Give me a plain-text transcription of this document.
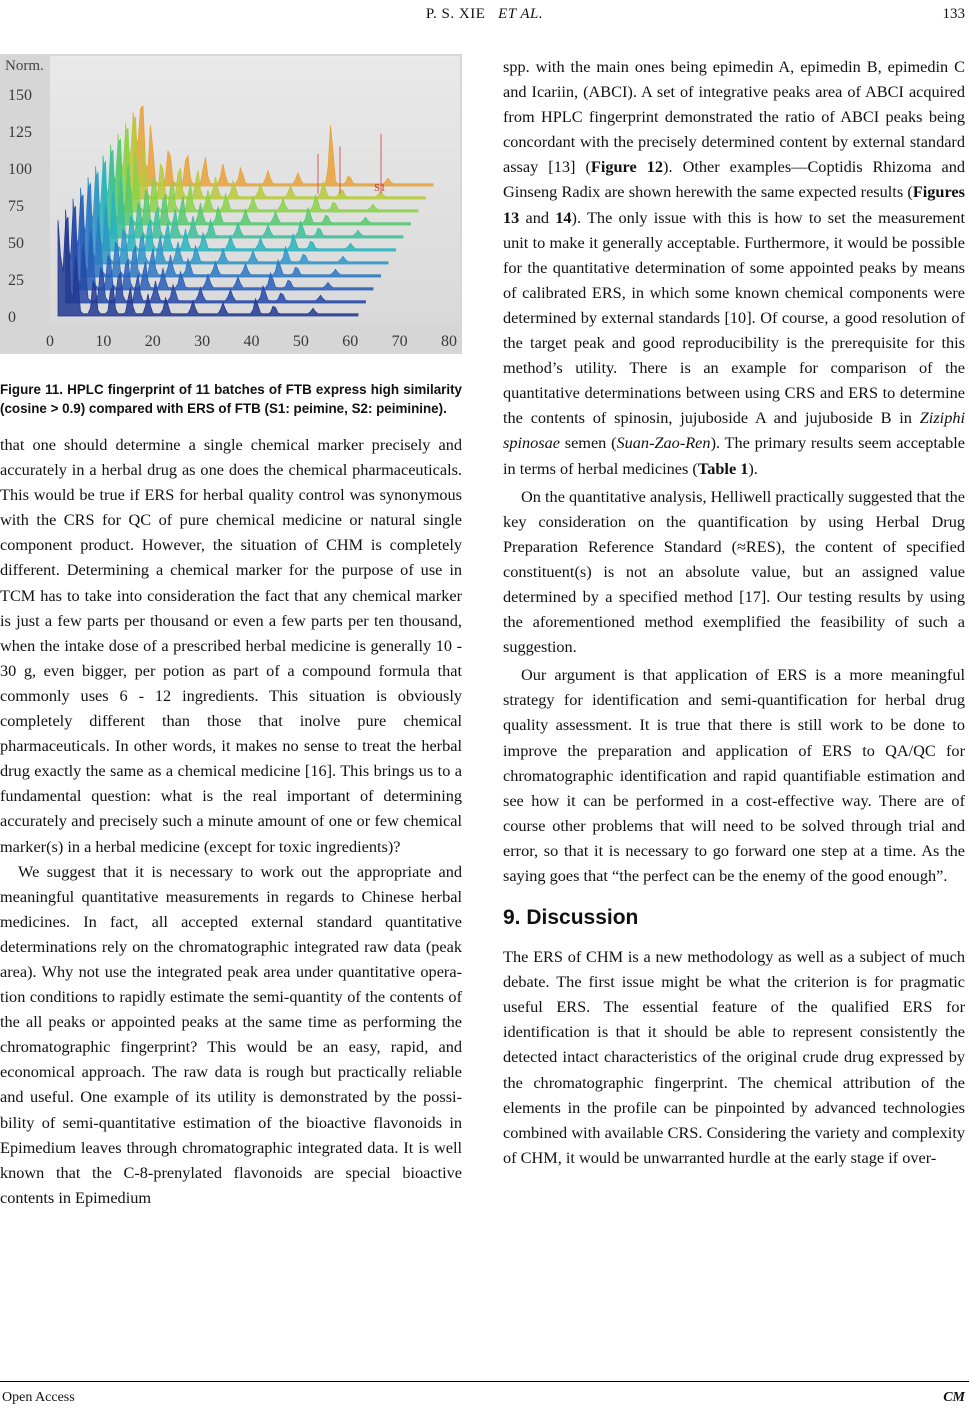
P. S. XIE ET AL.	133
150
125
100
75
50
25
0
0	10 20 30 40 50 60 70 80
Norm.
S1
Figure 11. HPLC fingerprint of 11 batches of FTB express high similarity (cosine > 0.9) compared with ERS of FTB (S1: peimine, S2: peiminine).

that one should determine a single chemical marker precisely and accurately in a herbal drug as one does the chemical pharmaceuticals. This would be true if ERS for herbal quality control was synonymous with the CRS for QC of pure chemical medicine or natural single component product. However, the situation of CHM is completely different. Determining a chemical marker for the purpose of use in TCM has to take into consideration the fact that any chemical marker is just a few parts per thousand or even a few parts per ten thousand, when the intake dose of a prescribed herbal medicine is generally 10 - 30 g, even bigger, per potion as part of a compound formula that commonly uses 6 - 12 ingredients. This situation is obviously completely different than those that inolve pure chemical pharmaceuticals. In other words, it makes no sense to treat the herbal drug exactly the same as a chemical medicine [16]. This brings us to a fundamental question: what is the real important of determining accurately and precisely such a minute amount of one or few chemical marker(s) in a herbal medicine (except for toxic ingredients)?

We suggest that it is necessary to work out the appropriate and meaningful quantitative measurements in regards to Chinese herbal medicines. In fact, all accepted external standard quantitative determinations rely on the chromatographic integrated raw data (peak area). Why not use the integrated peak area under quantitative operation conditions to rapidly estimate the semi-quantity of the contents of the all peaks or appointed peaks at the same time as performing the chromatographic fingerprint? This would be an easy, rapid, and economical approach. The raw data is rough but practically reliable and useful. One example of its utility is demonstrated by the possibility of semi-quantitative estimation of the bioactive flavonoids in Epimedium leaves through chromatographic integrated data. It is well known that the C-8-prenylated flavonoids are special bioactive contents in Epimedium

spp. with the main ones being epimedin A, epimedin B, epimedin C and Icariin, (ABCI). A set of integrative peaks area of ABCI acquired from HPLC fingerprint demonstrated the ratio of ABCI peaks being concordant with the precisely determined content by external standard assay [13] (Figure 12). Other examples—Coptidis Rhizoma and Ginseng Radix are shown herewith the same expected results (Figures 13 and 14). The only issue with this is how to set the measurement unit to make it generally acceptable. Furthermore, it would be possible for the quantitative determination of some appointed peaks by means of calibrated ERS, in which some known chemical components were determined by external standards [10]. Of course, a good resolution of the target peak and good reproducibility is the prerequisite for this method’s utility. There is an example for comparison of the quantitative determinations between using CRS and ERS to determine the contents of spinosin, jujuboside A and jujuboside B in Ziziphi spinosae semen (Suan-Zao-Ren). The primary results seem acceptable in terms of herbal medicines (Table 1).

On the quantitative analysis, Helliwell practically suggested that the key consideration on the quantification by using Herbal Drug Preparation Reference Standard (≈RES), the content of specified constituent(s) is not an absolute value, but an assigned value determined by a specified method [17]. Our testing results by using the aforementioned method exemplified the feasibility of such a suggestion.

Our argument is that application of ERS is a more meaningful strategy for identification and semi-quantification for herbal drug quality assessment. It is true that there is still work to be done to improve the preparation and application of ERS to QA/QC for chromatographic identification and rapid quantifiable estimation and see how it can be performed in a cost-effective way. There are of course other problems that will need to be solved through trial and error, so that it is necessary to go forward one step at a time. As the saying goes that “the perfect can be the enemy of the good enough”.

9. Discussion

The ERS of CHM is a new methodology as well as a subject of much debate. The first issue might be what the criterion is for pragmatic useful ERS. The essential feature of the qualified ERS for identification is that it should be able to represent consistently the detected intact characteristics of the original crude drug expressed by the chromatographic fingerprint. The chemical attribution of the elements in the profile can be pinpointed by advanced technologies combined with available CRS. Considering the variety and complexity of CHM, it would be unwarranted hurdle at the early stage if over-

Open Access	CM
